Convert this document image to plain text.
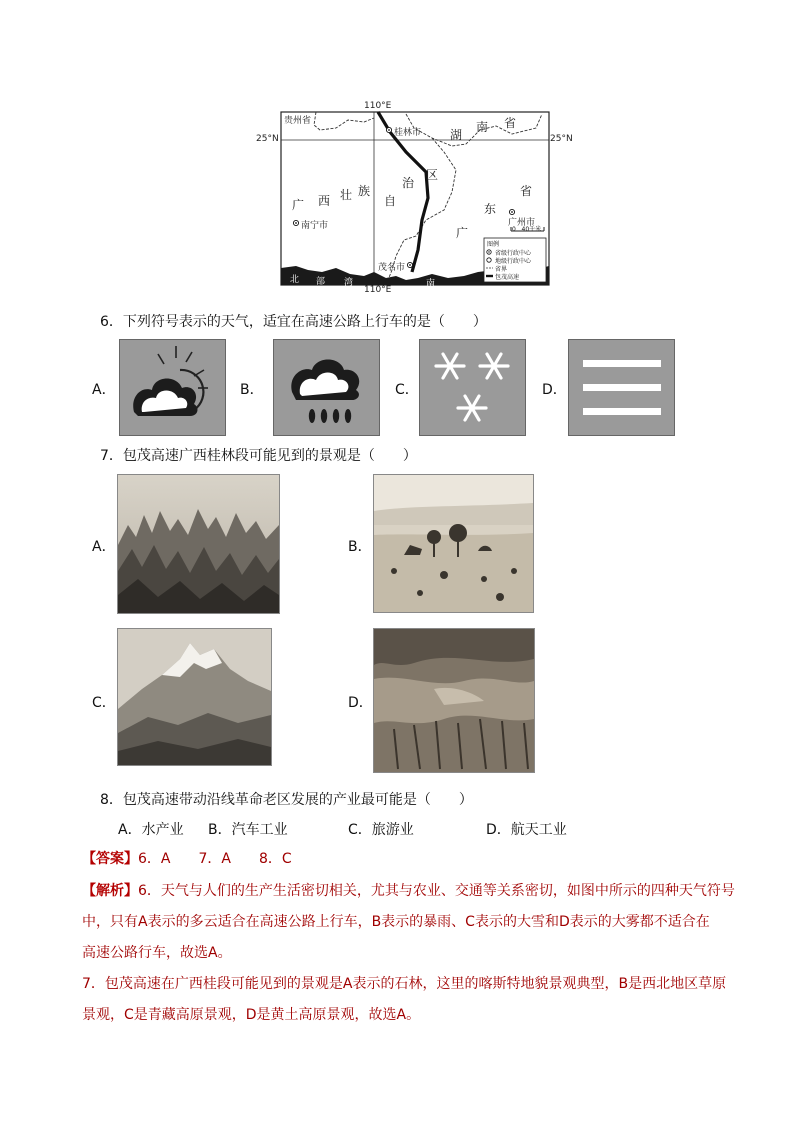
110°E
110°E
25°N	25°N
贵州省
桂林市 湖
南 省
广 西 壮 族
自
治
区
广
东
省
南宁市	广州市
茂名市
0   40千米
图例
省级行政中心
地级行政中心
省界
包茂高速
北 部 湾	南
6．下列符号表示的天气，适宜在高速公路上行车的是（　　）
A．	B．	C．	D．
7．包茂高速广西桂林段可能见到的景观是（　　）
A．	B．
C．	D．
8．包茂高速带动沿线革命老区发展的产业最可能是（　　）
A．水产业 B．汽车工业	C．旅游业	D．航天工业
【答案】6．A　　7．A　　8．C
【解析】6．天气与人们的生产生活密切相关，尤其与农业、交通等关系密切，如图中所示的四种天气符号
中，只有A表示的多云适合在高速公路上行车，B表示的暴雨、C表示的大雪和D表示的大雾都不适合在
高速公路行车，故选A。
7．包茂高速在广西桂段可能见到的景观是A表示的石林，这里的喀斯特地貌景观典型，B是西北地区草原
景观，C是青藏高原景观，D是黄土高原景观，故选A。
